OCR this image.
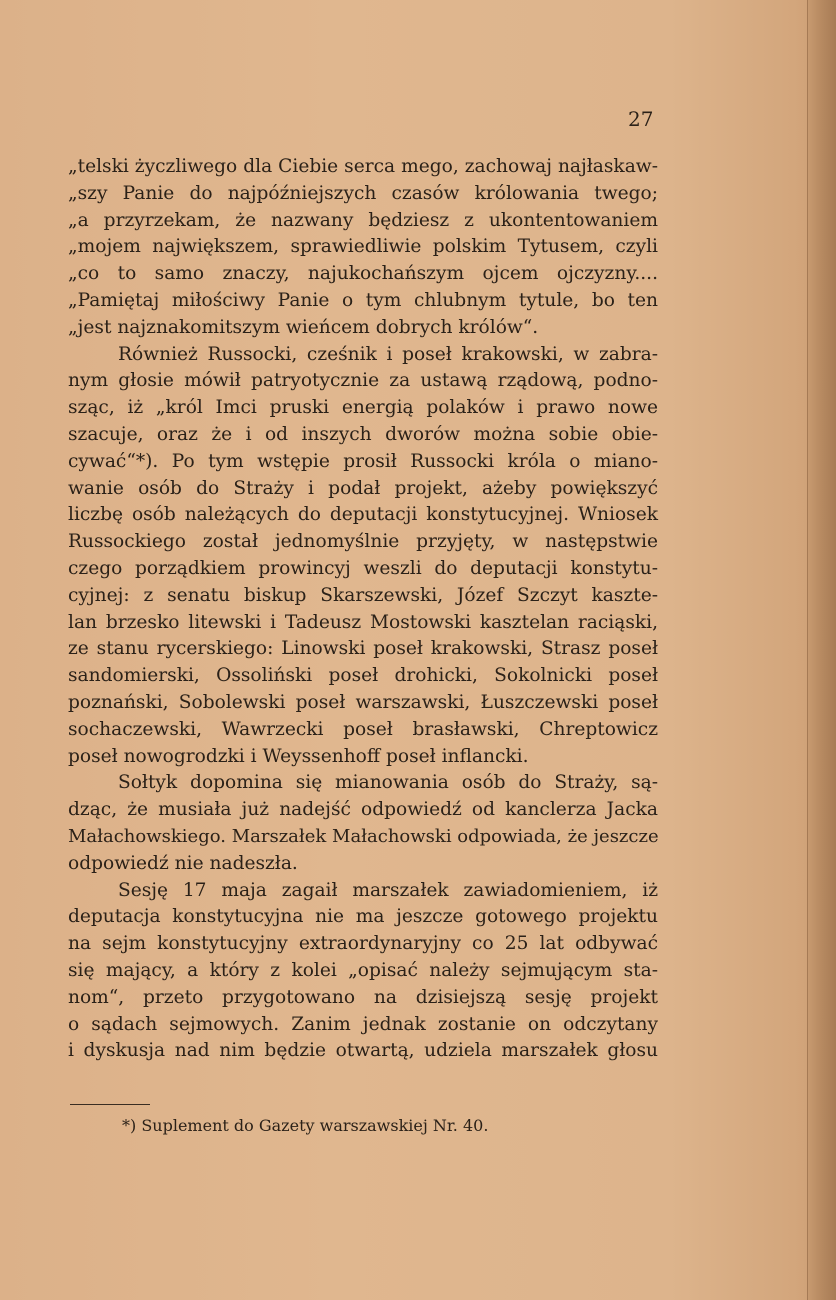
27
„telski życzliwego dla Ciebie serca mego, zachowaj najłaskaw-
„szy Panie do najpóźniejszych czasów królowania twego;
„a przyrzekam, że nazwany będziesz z ukontentowaniem
„mojem największem, sprawiedliwie polskim Tytusem, czyli
„co to samo znaczy, najukochańszym ojcem ojczyzny....
„Pamiętaj miłościwy Panie o tym chlubnym tytule, bo ten
„jest najznakomitszym wieńcem dobrych królów“.
Również Russocki, cześnik i poseł krakowski, w zabra-
nym głosie mówił patryotycznie za ustawą rządową, podno-
sząc, iż „król Imci pruski energią polaków i prawo nowe
szacuje, oraz że i od inszych dworów można sobie obie-
cywać“*). Po tym wstępie prosił Russocki króla o miano-
wanie osób do Straży i podał projekt, ażeby powiększyć
liczbę osób należących do deputacji konstytucyjnej. Wniosek
Russockiego został jednomyślnie przyjęty, w następstwie
czego porządkiem prowincyj weszli do deputacji konstytu-
cyjnej: z senatu biskup Skarszewski, Józef Szczyt kaszte-
lan brzesko litewski i Tadeusz Mostowski kasztelan raciąski,
ze stanu rycerskiego: Linowski poseł krakowski, Strasz poseł
sandomierski, Ossoliński poseł drohicki, Sokolnicki poseł
poznański, Sobolewski poseł warszawski, Łuszczewski poseł
sochaczewski, Wawrzecki poseł brasławski, Chreptowicz
poseł nowogrodzki i Weyssenhoff poseł inflancki.
Sołtyk dopomina się mianowania osób do Straży, są-
dząc, że musiała już nadejść odpowiedź od kanclerza Jacka
Małachowskiego. Marszałek Małachowski odpowiada, że jeszcze
odpowiedź nie nadeszła.
Sesję 17 maja zagaił marszałek zawiadomieniem, iż
deputacja konstytucyjna nie ma jeszcze gotowego projektu
na sejm konstytucyjny extraordynaryjny co 25 lat odbywać
się mający, a który z kolei „opisać należy sejmującym sta-
nom“, przeto przygotowano na dzisiejszą sesję projekt
o sądach sejmowych. Zanim jednak zostanie on odczytany
i dyskusja nad nim będzie otwartą, udziela marszałek głosu
*) Suplement do Gazety warszawskiej Nr. 40.
